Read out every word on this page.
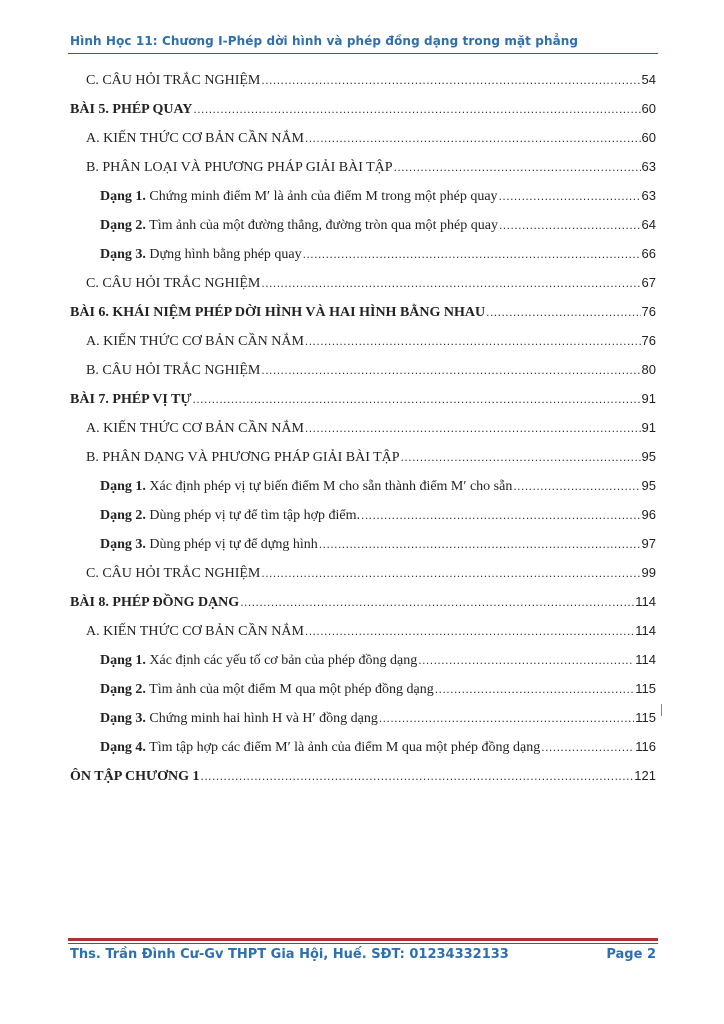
Hình Học 11: Chương I-Phép dời hình và phép đồng dạng trong mặt phẳng
C. CÂU HỎI TRẮC NGHIỆM .....	54
BÀI 5. PHÉP QUAY .....	60
A. KIẾN THỨC CƠ BẢN CẦN NẮM .....	60
B. PHÂN LOẠI VÀ PHƯƠNG PHÁP GIẢI BÀI TẬP .....	63
Dạng 1. Chứng minh điểm M′ là ảnh của điểm M trong một phép quay .....	63
Dạng 2. Tìm ảnh của một đường thẳng, đường tròn qua một phép quay .....	64
Dạng 3. Dựng hình bằng phép quay .....	66
C. CÂU HỎI TRẮC NGHIỆM .....	67
BÀI 6. KHÁI NIỆM PHÉP DỜI HÌNH VÀ HAI HÌNH BẰNG NHAU .....	76
A. KIẾN THỨC CƠ BẢN CẦN NẮM .....	76
B. CÂU HỎI TRẮC NGHIỆM .....	80
BÀI 7. PHÉP VỊ TỰ .....	91
A. KIẾN THỨC CƠ BẢN CẦN NẮM .....	91
B. PHÂN DẠNG VÀ PHƯƠNG PHÁP GIẢI BÀI TẬP .....	95
Dạng 1. Xác định phép vị tự biến điểm M cho sẵn thành điểm M′ cho sẵn .....	95
Dạng 2. Dùng phép vị tự để tìm tập hợp điểm. .....	96
Dạng 3. Dùng phép vị tự để dựng hình .....	97
C. CÂU HỎI TRẮC NGHIỆM .....	99
BÀI 8. PHÉP ĐỒNG DẠNG .....	114
A. KIẾN THỨC CƠ BẢN CẦN NẮM .....	114
Dạng 1. Xác định các yếu tố cơ bản của phép đồng dạng .....	114
Dạng 2. Tìm ảnh của một điểm M qua một phép đồng dạng .....	115
Dạng 3. Chứng minh hai hình H và H′ đồng dạng .....	115
Dạng 4. Tìm tập hợp các điểm M′ là ảnh của điểm M qua một phép đồng dạng .....	116
ÔN TẬP CHƯƠNG 1 .....	121
Ths. Trần Đình Cư-Gv THPT Gia Hội, Huế. SĐT: 01234332133	Page 2
